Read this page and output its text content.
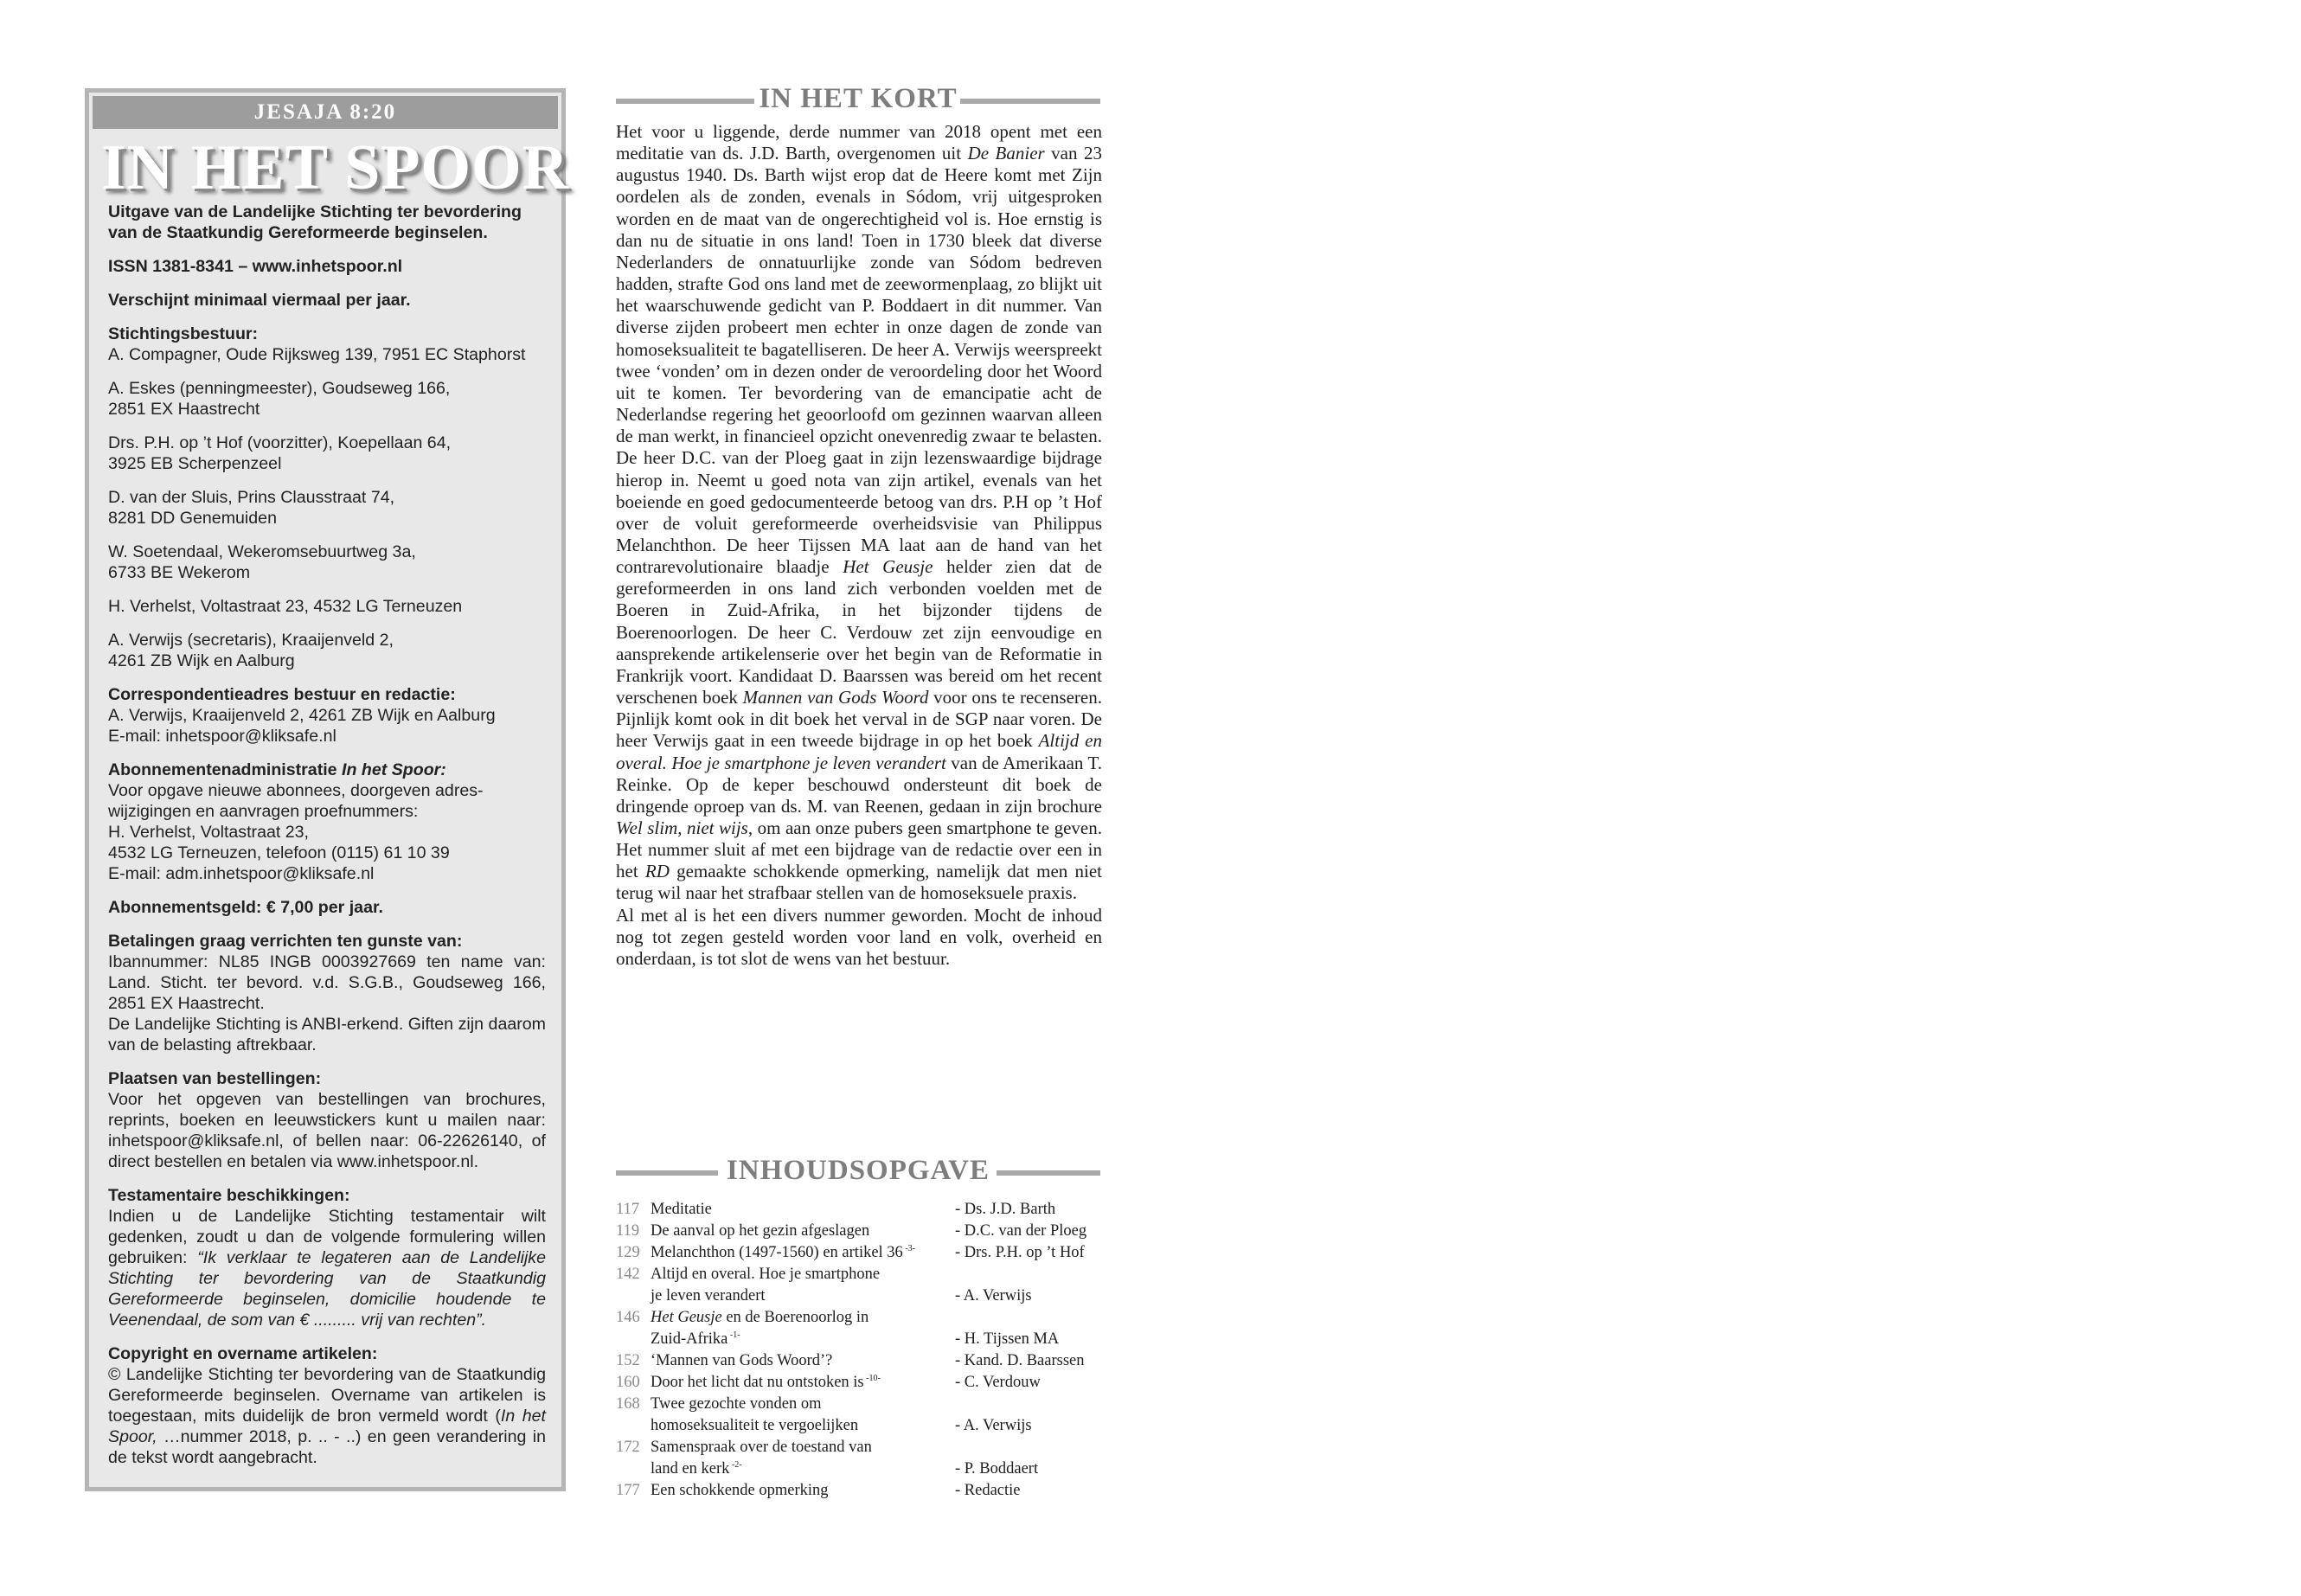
JESAJA 8:20
IN HET SPOOR
Uitgave van de Landelijke Stichting ter bevordering
van de Staatkundig Gereformeerde beginselen.
ISSN 1381-8341 – www.inhetspoor.nl
Verschijnt minimaal viermaal per jaar.
Stichtingsbestuur:
A. Compagner, Oude Rijksweg 139, 7951 EC Staphorst
A. Eskes (penningmeester), Goudseweg 166,
2851 EX Haastrecht
Drs. P.H. op ’t Hof (voorzitter), Koepellaan 64,
3925 EB Scherpenzeel
D. van der Sluis, Prins Clausstraat 74,
8281 DD Genemuiden
W. Soetendaal, Wekeromsebuurtweg 3a,
6733 BE Wekerom
H. Verhelst, Voltastraat 23, 4532 LG Terneuzen
A. Verwijs (secretaris), Kraaijenveld 2,
4261 ZB Wijk en Aalburg
Correspondentieadres bestuur en redactie:
A. Verwijs, Kraaijenveld 2, 4261 ZB Wijk en Aalburg
E-mail: inhetspoor@kliksafe.nl
Abonnementenadministratie In het Spoor:
Voor opgave nieuwe abonnees, doorgeven adres-
wijzigingen en aanvragen proefnummers:
H. Verhelst, Voltastraat 23,
4532 LG Terneuzen, telefoon (0115) 61 10 39
E-mail: adm.inhetspoor@kliksafe.nl
Abonnementsgeld: € 7,00 per jaar.
Betalingen graag verrichten ten gunste van:
Ibannummer: NL85 INGB 0003927669 ten name van: Land. Sticht. ter bevord. v.d. S.G.B., Goudseweg 166, 2851 EX Haastrecht.
De Landelijke Stichting is ANBI-erkend. Giften zijn daarom van de belasting aftrekbaar.
Plaatsen van bestellingen:
Voor het opgeven van bestellingen van brochures, reprints, boeken en leeuwstickers kunt u mailen naar: inhetspoor@kliksafe.nl, of bellen naar: 06-22626140, of direct bestellen en betalen via www.inhetspoor.nl.
Testamentaire beschikkingen:
Indien u de Landelijke Stichting testamentair wilt gedenken, zoudt u dan de volgende formulering willen gebruiken: “Ik verklaar te legateren aan de Landelijke Stichting ter bevordering van de Staatkundig Gereformeerde beginselen, domicilie houdende te Veenendaal, de som van € ......... vrij van rechten”.
Copyright en overname artikelen:
© Landelijke Stichting ter bevordering van de Staatkundig Gereformeerde beginselen. Overname van artikelen is toegestaan, mits duidelijk de bron vermeld wordt (In het Spoor, …nummer 2018, p. .. - ..) en geen verandering in de tekst wordt aangebracht.
IN HET KORT

Het voor u liggende, derde nummer van 2018 opent met een meditatie van ds. J.D. Barth, overgenomen uit De Banier van 23 augustus 1940. Ds. Barth wijst erop dat de Heere komt met Zijn oordelen als de zonden, evenals in Sódom, vrij uitgesproken worden en de maat van de ongerechtigheid vol is. Hoe ernstig is dan nu de situatie in ons land! Toen in 1730 bleek dat diverse Nederlanders de onnatuurlijke zonde van Sódom bedreven hadden, strafte God ons land met de zeewormenplaag, zo blijkt uit het waarschuwende gedicht van P. Boddaert in dit nummer. Van diverse zijden probeert men echter in onze dagen de zonde van homoseksualiteit te bagatelliseren. De heer A. Verwijs weerspreekt twee ‘vonden’ om in dezen onder de veroordeling door het Woord uit te komen. Ter bevordering van de emancipatie acht de Nederlandse regering het geoorloofd om gezinnen waarvan alleen de man werkt, in financieel opzicht onevenredig zwaar te belasten. De heer D.C. van der Ploeg gaat in zijn lezenswaardige bijdrage hierop in. Neemt u goed nota van zijn artikel, evenals van het boeiende en goed gedocumenteerde betoog van drs. P.H op ’t Hof over de voluit gereformeerde overheidsvisie van Philippus Melanchthon. De heer Tijssen MA laat aan de hand van het contrarevolutionaire blaadje Het Geusje helder zien dat de gereformeerden in ons land zich verbonden voelden met de Boeren in Zuid-Afrika, in het bijzonder tijdens de Boerenoorlogen. De heer C. Verdouw zet zijn eenvoudige en aansprekende artikelenserie over het begin van de Reformatie in Frankrijk voort. Kandidaat D. Baarssen was bereid om het recent verschenen boek Mannen van Gods Woord voor ons te recenseren. Pijnlijk komt ook in dit boek het verval in de SGP naar voren. De heer Verwijs gaat in een tweede bijdrage in op het boek Altijd en overal. Hoe je smartphone je leven verandert van de Amerikaan T. Reinke. Op de keper beschouwd ondersteunt dit boek de dringende oproep van ds. M. van Reenen, gedaan in zijn brochure Wel slim, niet wijs, om aan onze pubers geen smartphone te geven. Het nummer sluit af met een bijdrage van de redactie over een in het RD gemaakte schokkende opmerking, namelijk dat men niet terug wil naar het strafbaar stellen van de homoseksuele praxis.

Al met al is het een divers nummer geworden. Mocht de inhoud nog tot zegen gesteld worden voor land en volk, overheid en onderdaan, is tot slot de wens van het bestuur.

INHOUDSOPGAVE
117 Meditatie	- Ds. J.D. Barth
119 De aanval op het gezin afgeslagen	- D.C. van der Ploeg
129 Melanchthon (1497-1560) en artikel 36 $^{-3-}$	- Drs. P.H. op ’t Hof
142 Altijd en overal. Hoe je smartphone
je leven verandert	- A. Verwijs
146 Het Geusje en de Boerenoorlog in
Zuid-Afrika $^{-1-}$	- H. Tijssen MA
152 ‘Mannen van Gods Woord’?	- Kand. D. Baarssen
160 Door het licht dat nu ontstoken is $^{-10-}$	- C. Verdouw
168 Twee gezochte vonden om
homoseksualiteit te vergoelijken	- A. Verwijs
172 Samenspraak over de toestand van
land en kerk $^{-2-}$	- P. Boddaert
177 Een schokkende opmerking	- Redactie
